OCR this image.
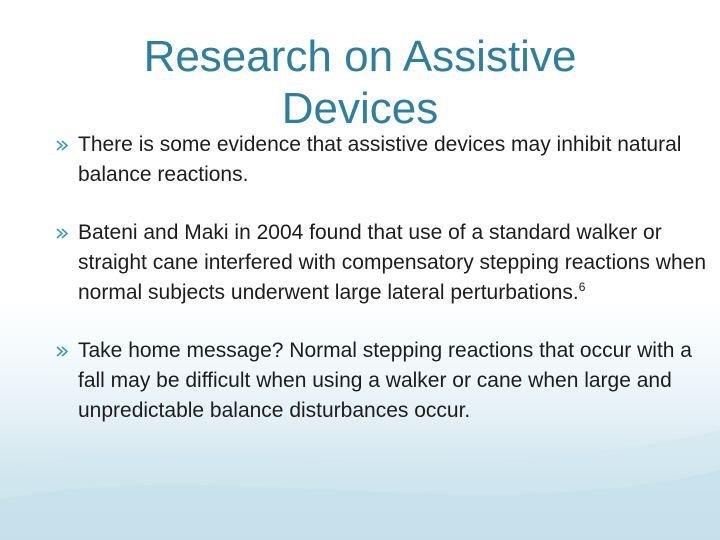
Research on Assistive
Devices
There is some evidence that assistive devices may inhibit natural balance reactions.
Bateni and Maki in 2004 found that use of a standard walker or straight cane interfered with compensatory stepping reactions when normal subjects underwent large lateral perturbations.$^6$
Take home message? Normal stepping reactions that occur with a fall may be difficult when using a walker or cane when large and unpredictable balance disturbances occur.
